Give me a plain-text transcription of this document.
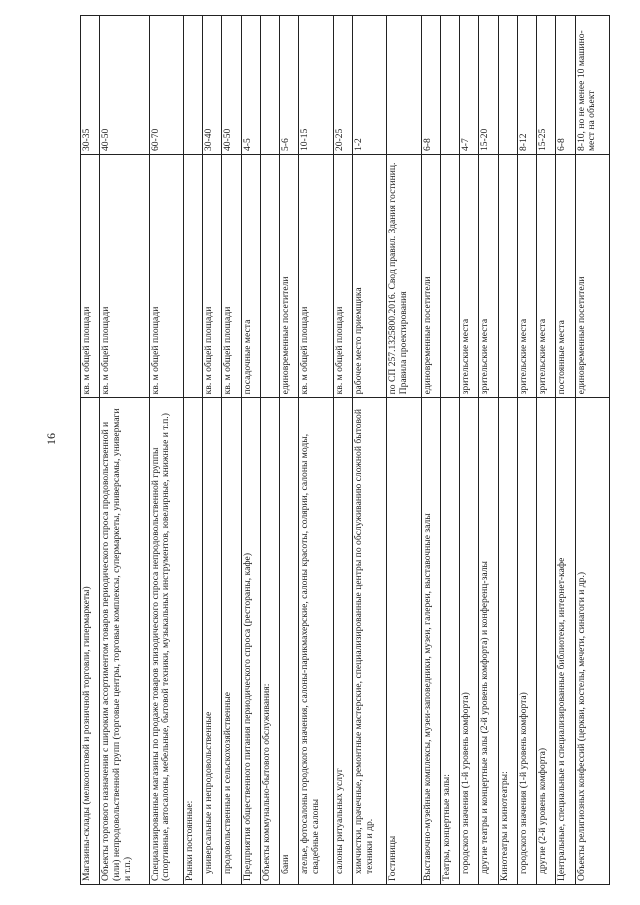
16
Магазины-склады (мелкооптовой и розничной торговли, гипермаркеты)	кв. м общей площади	30-35
Объекты торгового назначения с широким ассортиментом товаров периодического спроса продовольственной и (или) непродовольственной групп (торговые центры, торговые комплексы, супермаркеты, универсамы, универмаги и т.п.)	кв. м общей площади	40-50
Специализированные магазины по продаже товаров эпизодического спроса непродовольственной группы (спортивные, автосалоны, мебельные, бытовой техники, музыкальных инструментов, ювелирные, книжные и т.п.)	кв. м общей площади	60-70
Рынки постоянные:		
универсальные и непродовольственные	кв. м общей площади	30-40
продовольственные и сельскохозяйственные	кв. м общей площади	40-50
Предприятия общественного питания периодического спроса (рестораны, кафе)	посадочные места	4-5
Объекты коммунально-бытового обслуживания:		
бани	единовременные посетители	5-6
ателье, фотосалоны городского значения, салоны-парикмахерские, салоны красоты, солярии, салоны моды, свадебные салоны	кв. м общей площади	10-15
салоны ритуальных услуг	кв. м общей площади	20-25
химчистки, прачечные, ремонтные мастерские, специализированные центры по обслуживанию сложной бытовой техники и др.	рабочее место приемщика	1-2
Гостиницы	по СП 257.1325800.2016. Свод правил. Здания гостиниц. Правила проектирования	
Выставочно-музейные комплексы, музеи-заповедники, музеи, галереи, выставочные залы	единовременные посетители	6-8
Театры, концертные залы:		
городского значения (1-й уровень комфорта)	зрительские места	4-7
другие театры и концертные залы (2-й уровень комфорта) и конференц-залы	зрительские места	15-20
Кинотеатры и кинотеатры:		
городского значения (1-й уровень комфорта)	зрительские места	8-12
другие (2-й уровень комфорта)	зрительские места	15-25
Центральные, специальные и специализированные библиотеки, интернет-кафе	постоянные места	6-8
Объекты религиозных конфессий (церкви, костелы, мечети, синагоги и др.)	единовременные посетители	8-10, но не менее 10 машино-мест на объект
